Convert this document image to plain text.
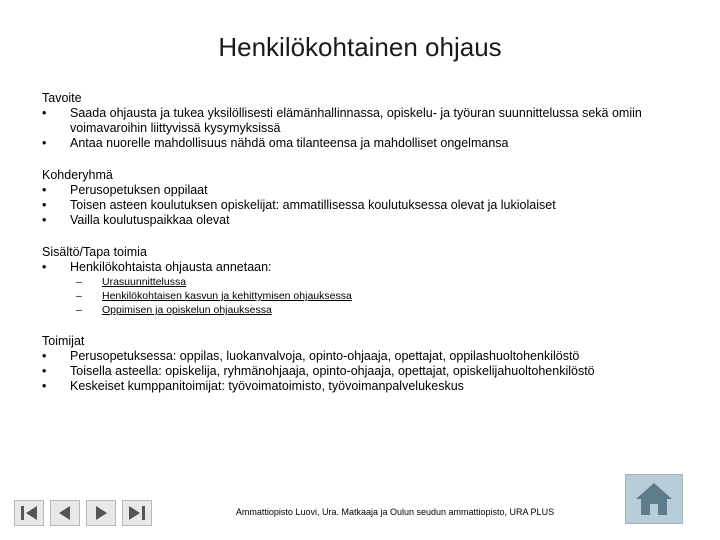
Henkilökohtainen ohjaus
Tavoite
•	Saada ohjausta ja tukea yksilöllisesti elämänhallinnassa, opiskelu- ja työuran suunnittelussa sekä omiin voimavaroihin liittyvissä kysymyksissä
•	Antaa nuorelle mahdollisuus nähdä oma tilanteensa ja mahdolliset ongelmansa
Kohderyhmä
•	Perusopetuksen oppilaat
•	Toisen asteen koulutuksen opiskelijat: ammatillisessa koulutuksessa olevat ja lukiolaiset
•	Vailla koulutuspaikkaa olevat
Sisältö/Tapa toimia
•	Henkilökohtaista ohjausta annetaan:
– Urasuunnittelussa
– Henkilökohtaisen kasvun ja kehittymisen ohjauksessa
– Oppimisen ja opiskelun ohjauksessa
Toimijat
•	Perusopetuksessa: oppilas, luokanvalvoja, opinto-ohjaaja, opettajat, oppilashuoltohenkilöstö
•	Toisella asteella: opiskelija, ryhmänohjaaja, opinto-ohjaaja, opettajat, opiskelijahuoltohenkilöstö
•	Keskeiset kumppanitoimijat: työvoimatoimisto, työvoimanpalvelukeskus
Ammattiopisto Luovi, Ura. Matkaaja ja Oulun seudun ammattiopisto, URA PLUS
